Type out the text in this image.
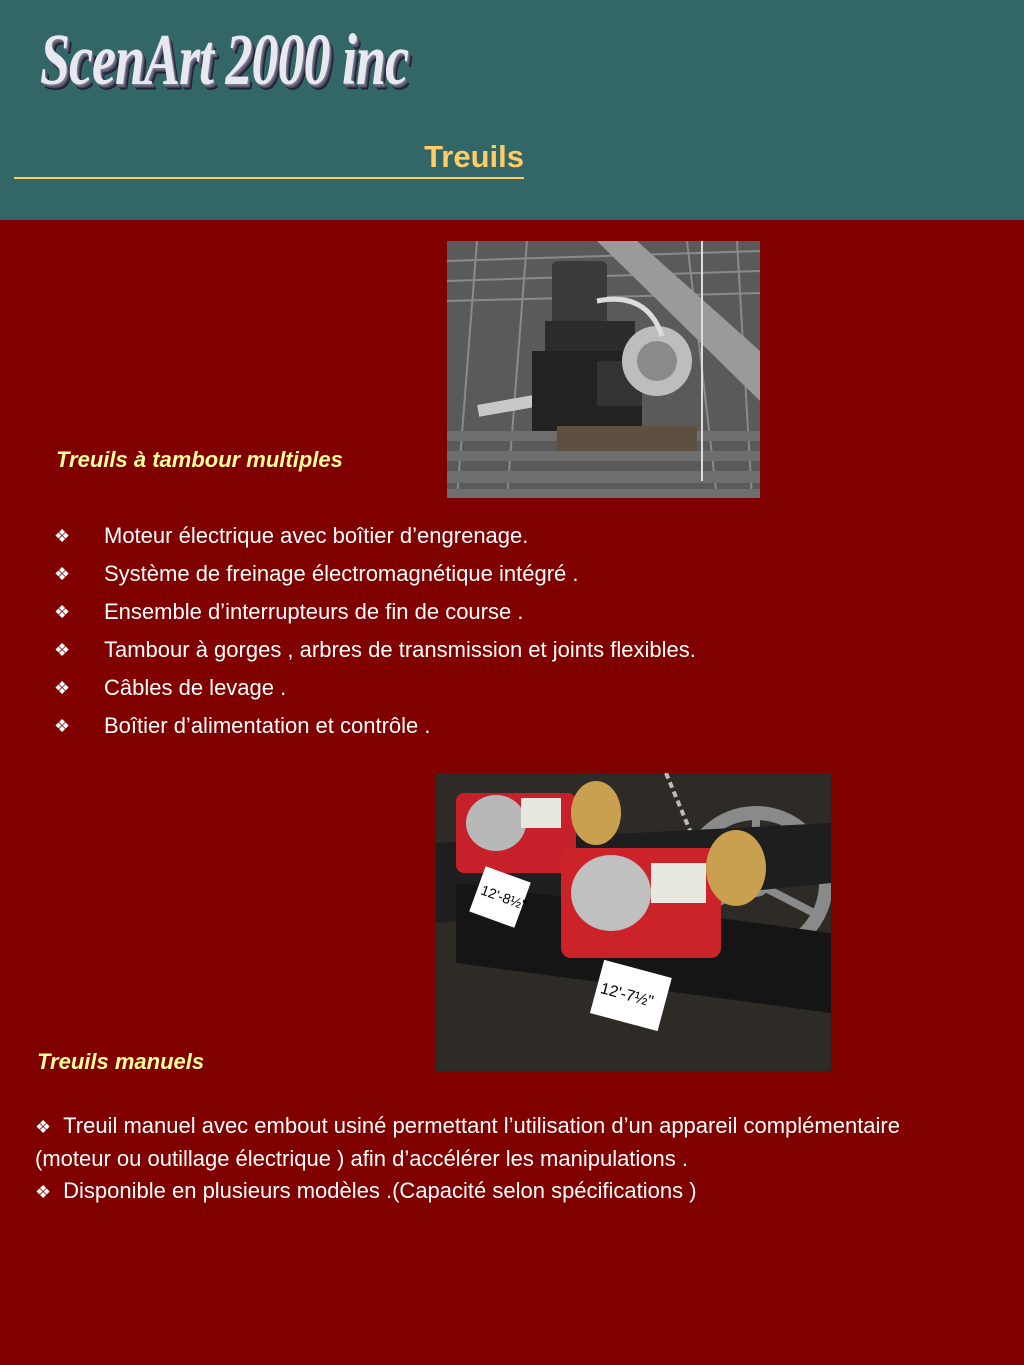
ScenArt 2000 inc
Treuils
Treuils à tambour multiples
❖	Moteur électrique avec boîtier d’engrenage.
❖	Système de freinage électromagnétique intégré .
❖	Ensemble d’interrupteurs de fin de course .
❖	Tambour à gorges , arbres de transmission et joints flexibles.
❖	Câbles de levage .
❖	Boîtier d’alimentation et contrôle .
12'-8½"
12'-7½"
Treuils manuels
❖ Treuil manuel avec embout usiné permettant l’utilisation d’un appareil complémentaire (moteur ou outillage électrique ) afin d’accélérer les manipulations .
❖ Disponible en plusieurs modèles .(Capacité selon spécifications )
